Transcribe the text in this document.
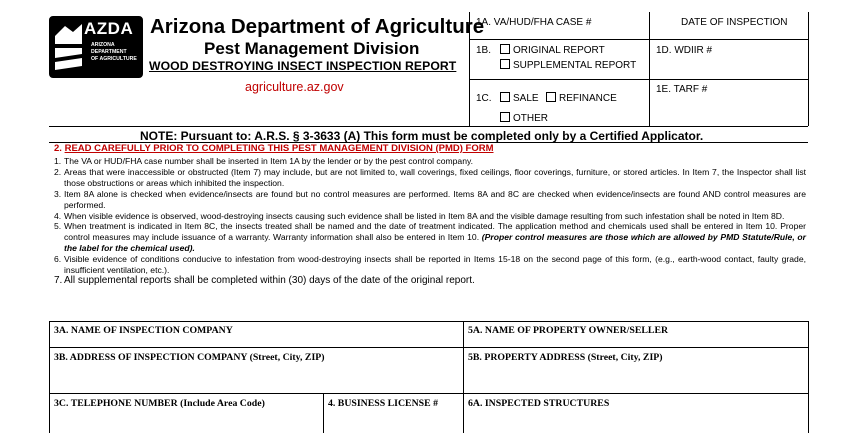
AZDA
ARIZONA
DEPARTMENT
OF AGRICULTURE
Arizona Department of Agriculture
Pest Management Division
WOOD DESTROYING INSECT INSPECTION REPORT
agriculture.az.gov
1A. VA/HUD/FHA CASE #	DATE OF INSPECTION
1B.	ORIGINAL REPORT
SUPPLEMENTAL REPORT
1D. WDIIR #
1C.	SALE	REFINANCE
OTHER
1E. TARF #
NOTE: Pursuant to: A.R.S. § 3-3633 (A) This form must be completed only by a Certified Applicator.
2. READ CAREFULLY PRIOR TO COMPLETING THIS PEST MANAGEMENT DIVISION (PMD) FORM

1. The VA or HUD/FHA case number shall be inserted in Item 1A by the lender or by the pest control company.

2. Areas that were inaccessible or obstructed (Item 7) may include, but are not limited to, wall coverings, fixed ceilings, floor coverings, furniture, or stored articles. In Item 7, the Inspector shall list those obstructions or areas which inhibited the inspection.

3. Item 8A alone is checked when evidence/insects are found but no control measures are performed. Items 8A and 8C are checked when evidence/insects are found AND control measures are performed.

4. When visible evidence is observed, wood-destroying insects causing such evidence shall be listed in Item 8A and the visible damage resulting from such infestation shall be noted in Item 8D.

5. When treatment is indicated in Item 8C, the insects treated shall be named and the date of treatment indicated. The application method and chemicals used shall be entered in Item 10. Proper control measures may include issuance of a warranty. Warranty information shall also be entered in Item 10. (Proper control measures are those which are allowed by PMD Statute/Rule, or the label for the chemical used).

6. Visible evidence of conditions conducive to infestation from wood-destroying insects shall be reported in Items 15-18 on the second page of this form, (e.g., earth-wood contact, faulty grade, insufficient ventilation, etc.).

7. All supplemental reports shall be completed within (30) days of the date of the original report.

3A. NAME OF INSPECTION COMPANY	5A. NAME OF PROPERTY OWNER/SELLER
3B. ADDRESS OF INSPECTION COMPANY (Street, City, ZIP)	5B. PROPERTY ADDRESS (Street, City, ZIP)
3C. TELEPHONE NUMBER (Include Area Code)	4. BUSINESS LICENSE #	6A. INSPECTED STRUCTURES
